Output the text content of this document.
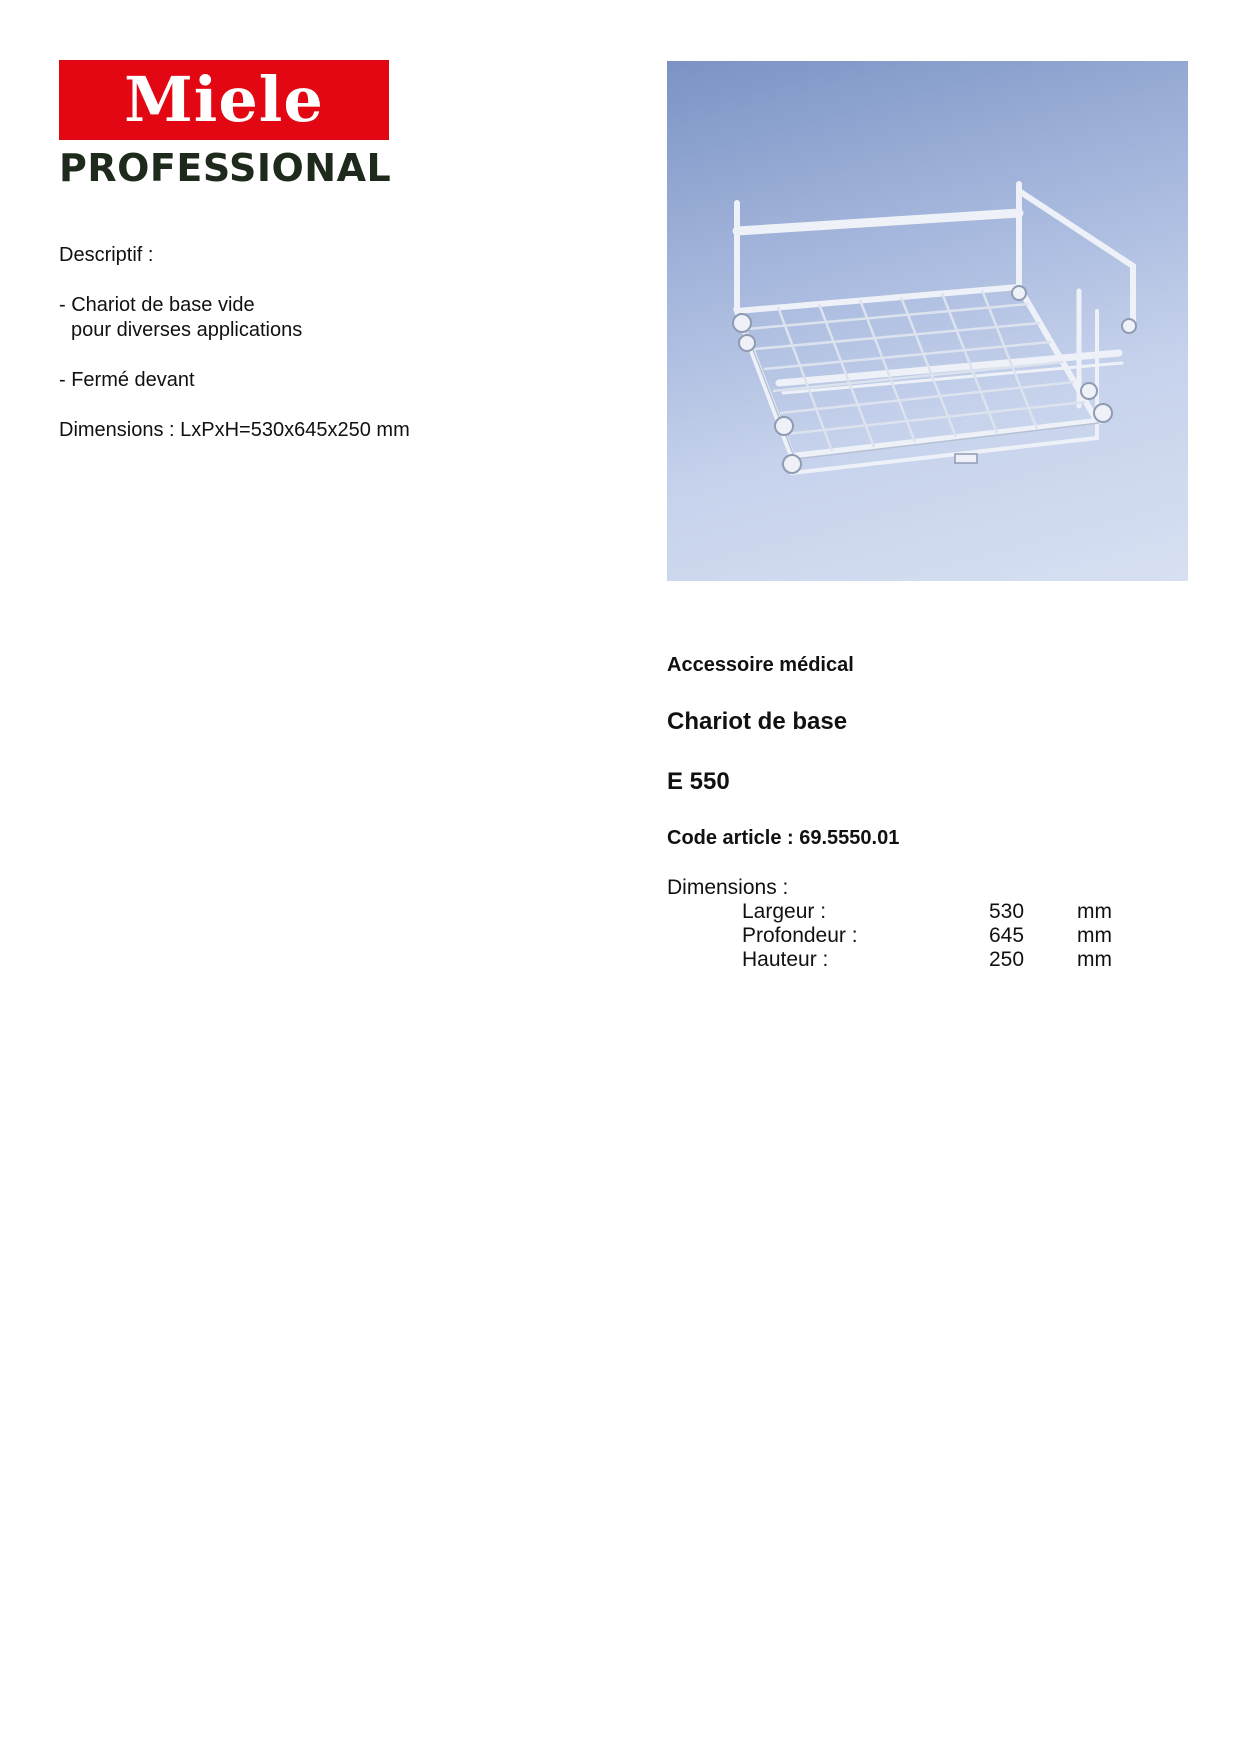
Miele
PROFESSIONAL
Descriptif :
- Chariot de base vide
pour diverses applications
- Fermé devant
Dimensions : LxPxH=530x645x250 mm
Accessoire médical
Chariot de base
E 550
Code article : 69.5550.01
Dimensions :
Largeur :	530	mm
Profondeur :	645	mm
Hauteur :	250	mm
